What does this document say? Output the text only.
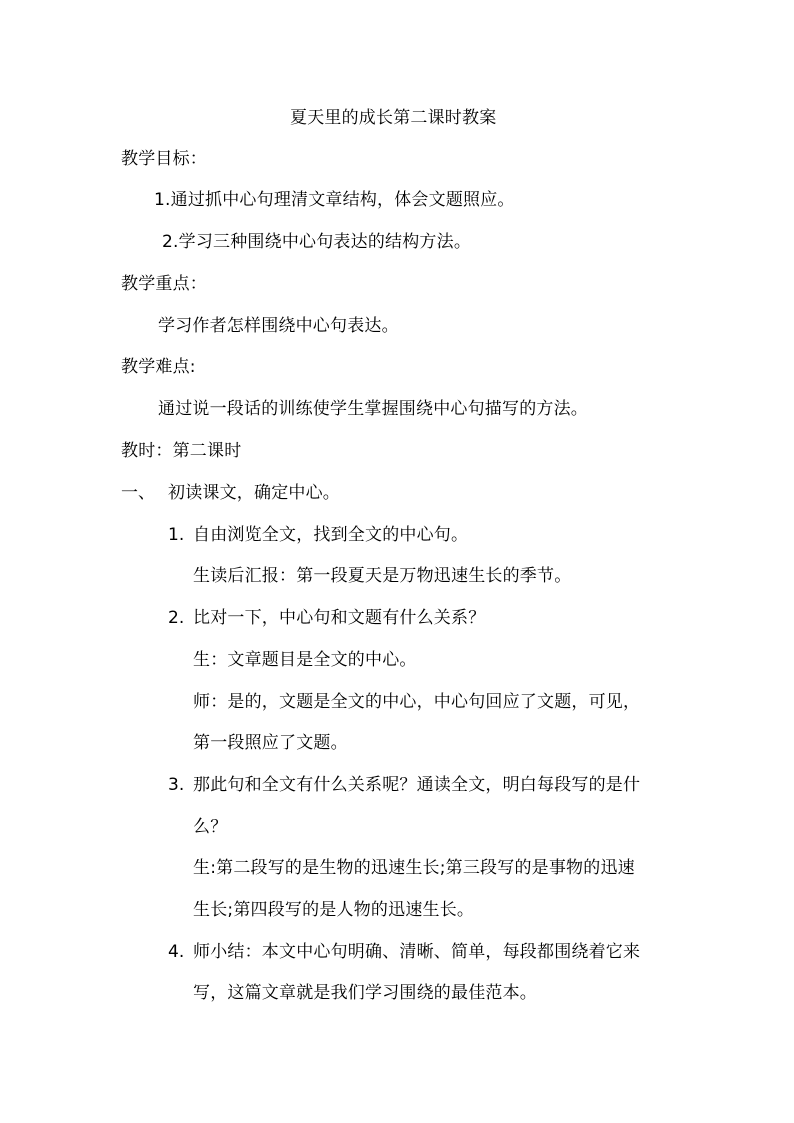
夏天里的成长第二课时教案
教学目标：
1.通过抓中心句理清文章结构，体会文题照应。
2.学习三种围绕中心句表达的结构方法。
教学重点：
学习作者怎样围绕中心句表达。
教学难点:
通过说一段话的训练使学生掌握围绕中心句描写的方法。
教时：第二课时
一、 初读课文，确定中心。
1. 自由浏览全文，找到全文的中心句。
生读后汇报：第一段夏天是万物迅速生长的季节。
2. 比对一下，中心句和文题有什么关系？
生：文章题目是全文的中心。
师：是的，文题是全文的中心，中心句回应了文题，可见，
第一段照应了文题。
3. 那此句和全文有什么关系呢？通读全文，明白每段写的是什
么？
生:第二段写的是生物的迅速生长;第三段写的是事物的迅速
生长;第四段写的是人物的迅速生长。
4. 师小结：本文中心句明确、清晰、简单，每段都围绕着它来
写，这篇文章就是我们学习围绕的最佳范本。
